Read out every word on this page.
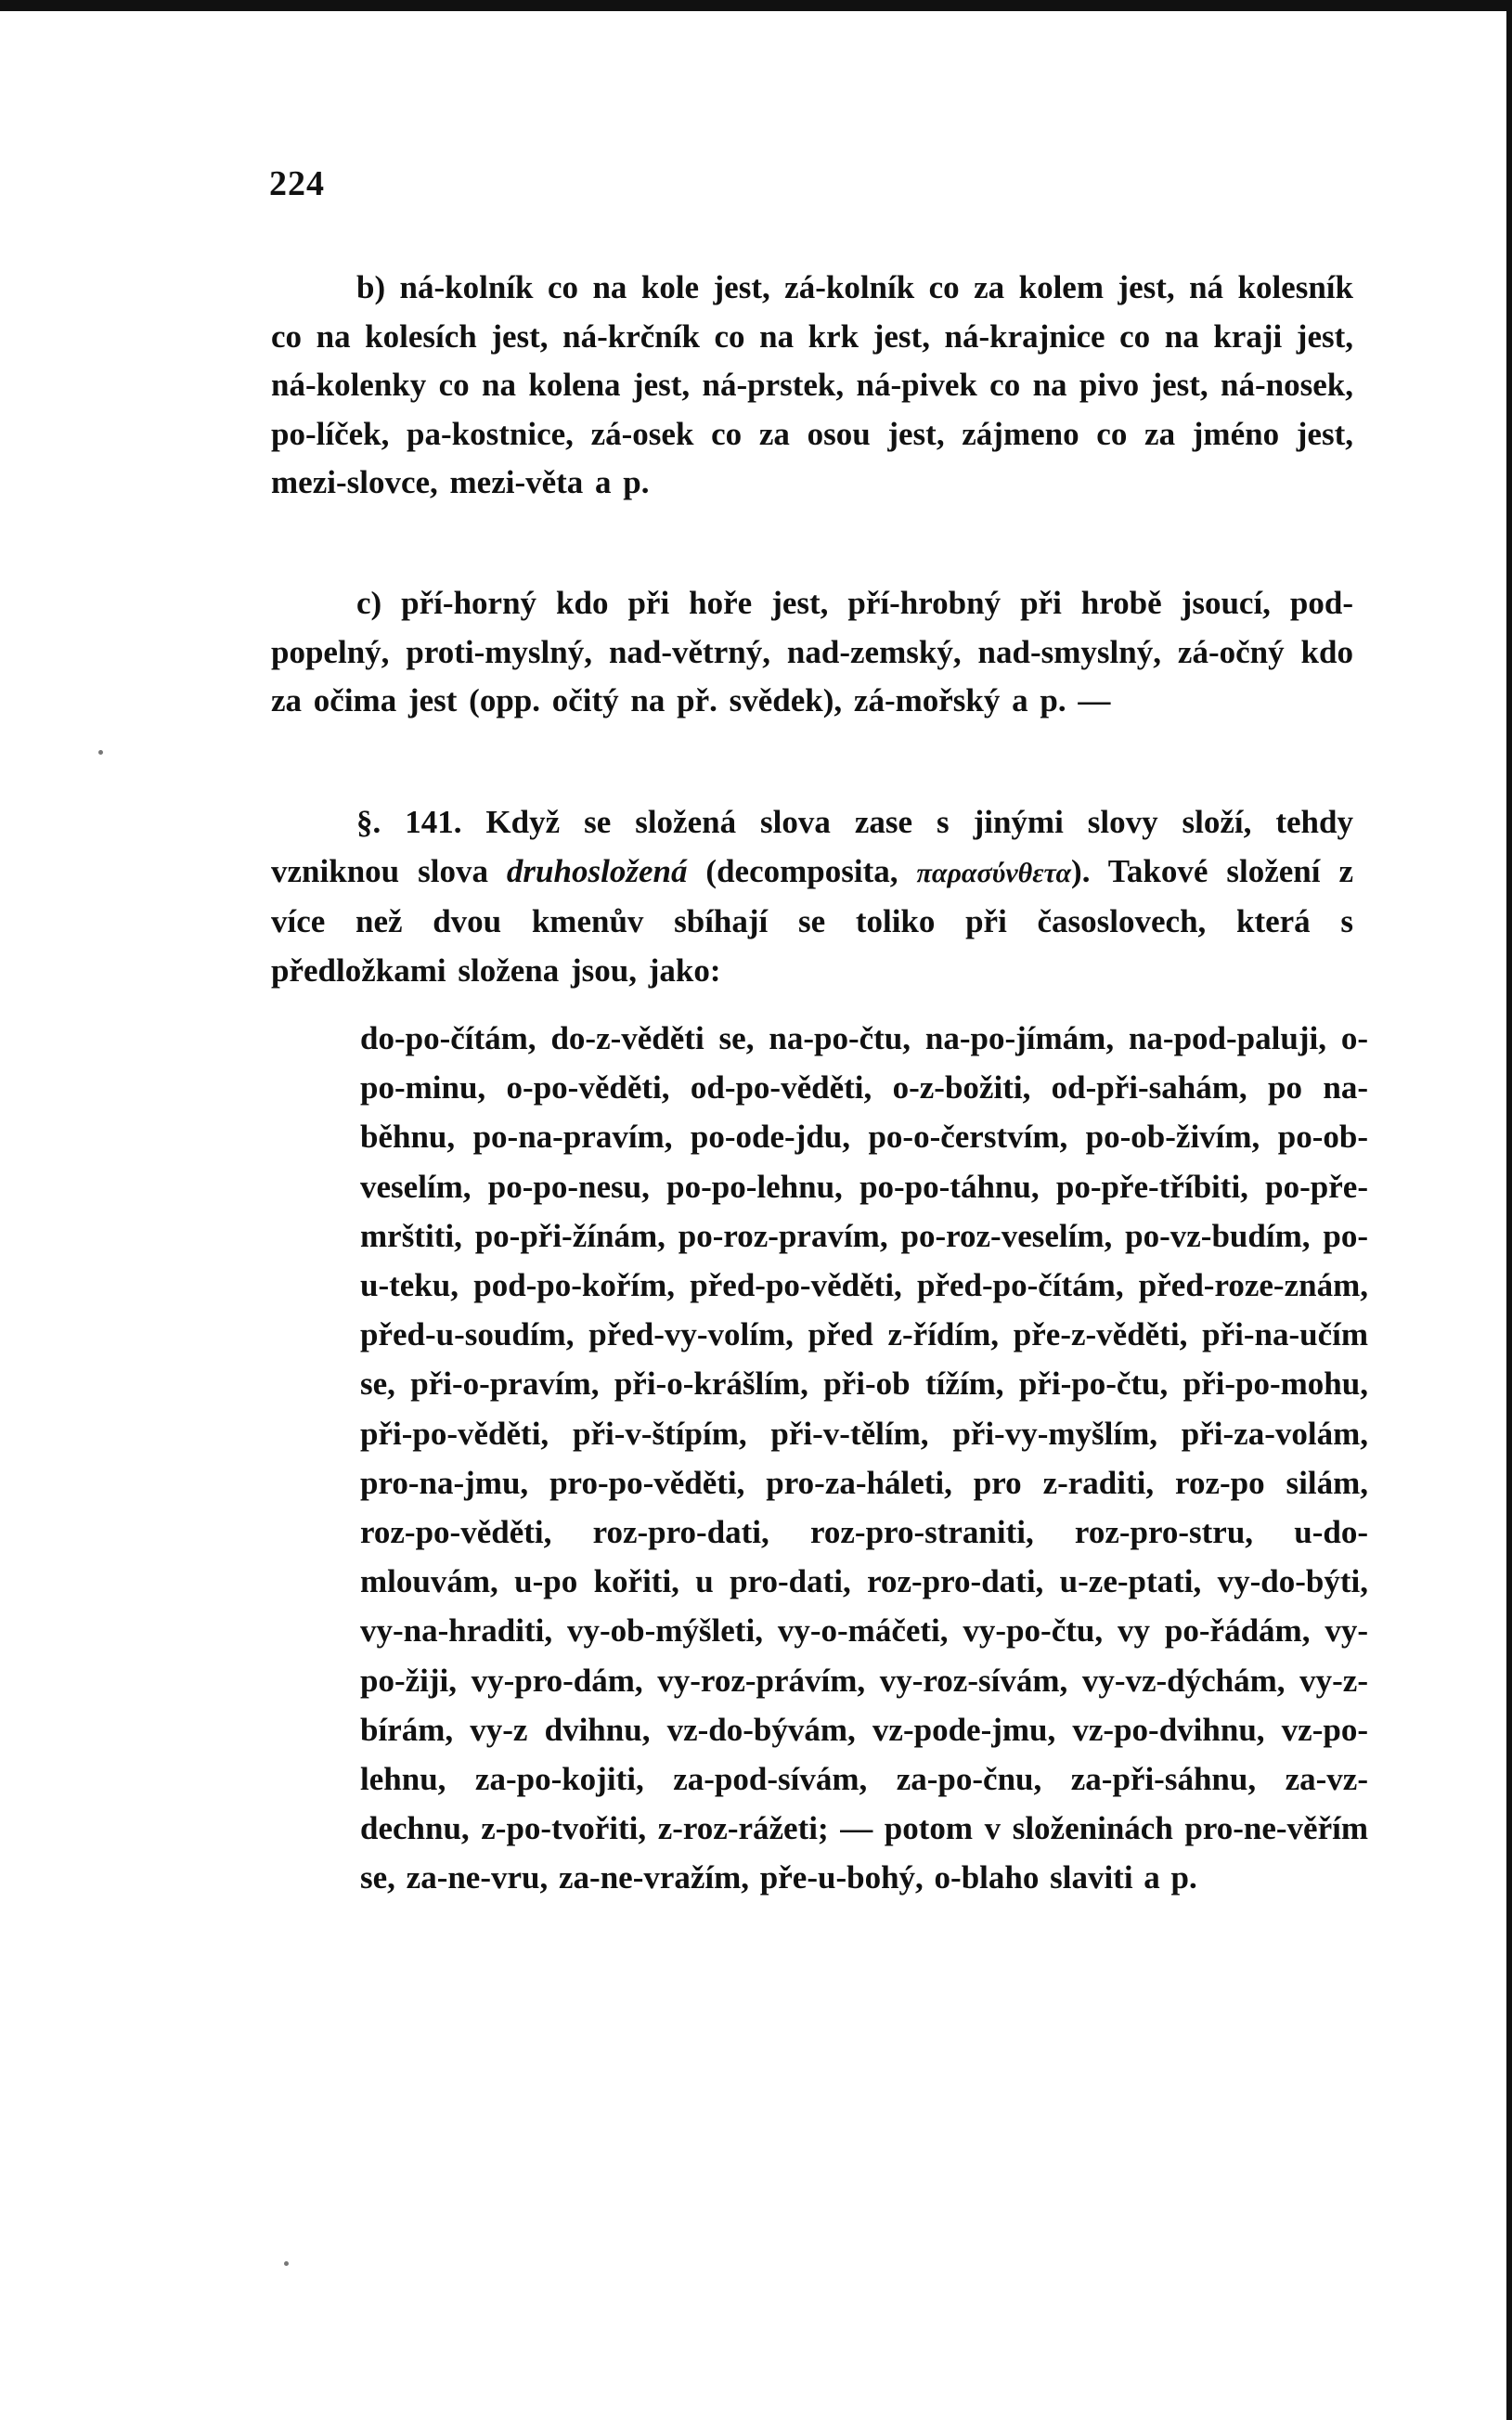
224

b) ná-kolník co na kole jest, zá-kolník co za kolem jest, ná kolesník co na kolesích jest, ná-krčník co na krk jest, ná-krajnice co na kraji jest, ná-kolenky co na kolena jest, ná-prstek, ná-pivek co na pivo jest, ná-nosek, po-líček, pa-kostnice, zá-osek co za osou jest, zájmeno co za jméno jest, mezi-slovce, mezi-věta a p.

c) pří-horný kdo při hoře jest, pří-hrobný při hrobě jsoucí, pod-popelný, proti-myslný, nad-větrný, nad-zemský, nad-smyslný, zá-očný kdo za očima jest (opp. očitý na př. svědek), zá-mořský a p. —

§. 141. Když se složená slova zase s jinými slovy složí, tehdy vzniknou slova druhosložená (decomposita, παρασύνθετα). Takové složení z více než dvou kmenův sbíhají se toliko při časoslovech, která s předložkami složena jsou, jako:

do-po-čítám, do-z-věděti se, na-po-čtu, na-po-jímám, na-pod-paluji, o-po-minu, o-po-věděti, od-po-věděti, o-z-božiti, od-při-sahám, po na-běhnu, po-na-pravím, po-ode-jdu, po-o-čerstvím, po-ob-živím, po-ob-veselím, po-po-nesu, po-po-lehnu, po-po-táhnu, po-pře-tříbiti, po-pře-mrštiti, po-při-žínám, po-roz-pravím, po-roz-veselím, po-vz-budím, po-u-teku, pod-po-kořím, před-po-věděti, před-po-čítám, před-roze-znám, před-u-soudím, před-vy-volím, před z-řídím, pře-z-věděti, při-na-učím se, při-o-pravím, při-o-krášlím, při-ob tížím, při-po-čtu, při-po-mohu, při-po-věděti, při-v-štípím, při-v-tělím, při-vy-myšlím, při-za-volám, pro-na-jmu, pro-po-věděti, pro-za-háleti, pro z-raditi, roz-po silám, roz-po-věděti, roz-pro-dati, roz-pro-straniti, roz-pro-stru, u-do-mlouvám, u-po kořiti, u pro-dati, roz-pro-dati, u-ze-ptati, vy-do-býti, vy-na-hraditi, vy-ob-mýšleti, vy-o-máčeti, vy-po-čtu, vy po-řádám, vy-po-žiji, vy-pro-dám, vy-roz-právím, vy-roz-sívám, vy-vz-dýchám, vy-z-bírám, vy-z dvihnu, vz-do-bývám, vz-pode-jmu, vz-po-dvihnu, vz-po-lehnu, za-po-kojiti, za-pod-sívám, za-po-čnu, za-při-sáhnu, za-vz-dechnu, z-po-tvořiti, z-roz-rážeti; — potom v složeninách pro-ne-věřím se, za-ne-vru, za-ne-vražím, pře-u-bohý, o-blaho slaviti a p.
